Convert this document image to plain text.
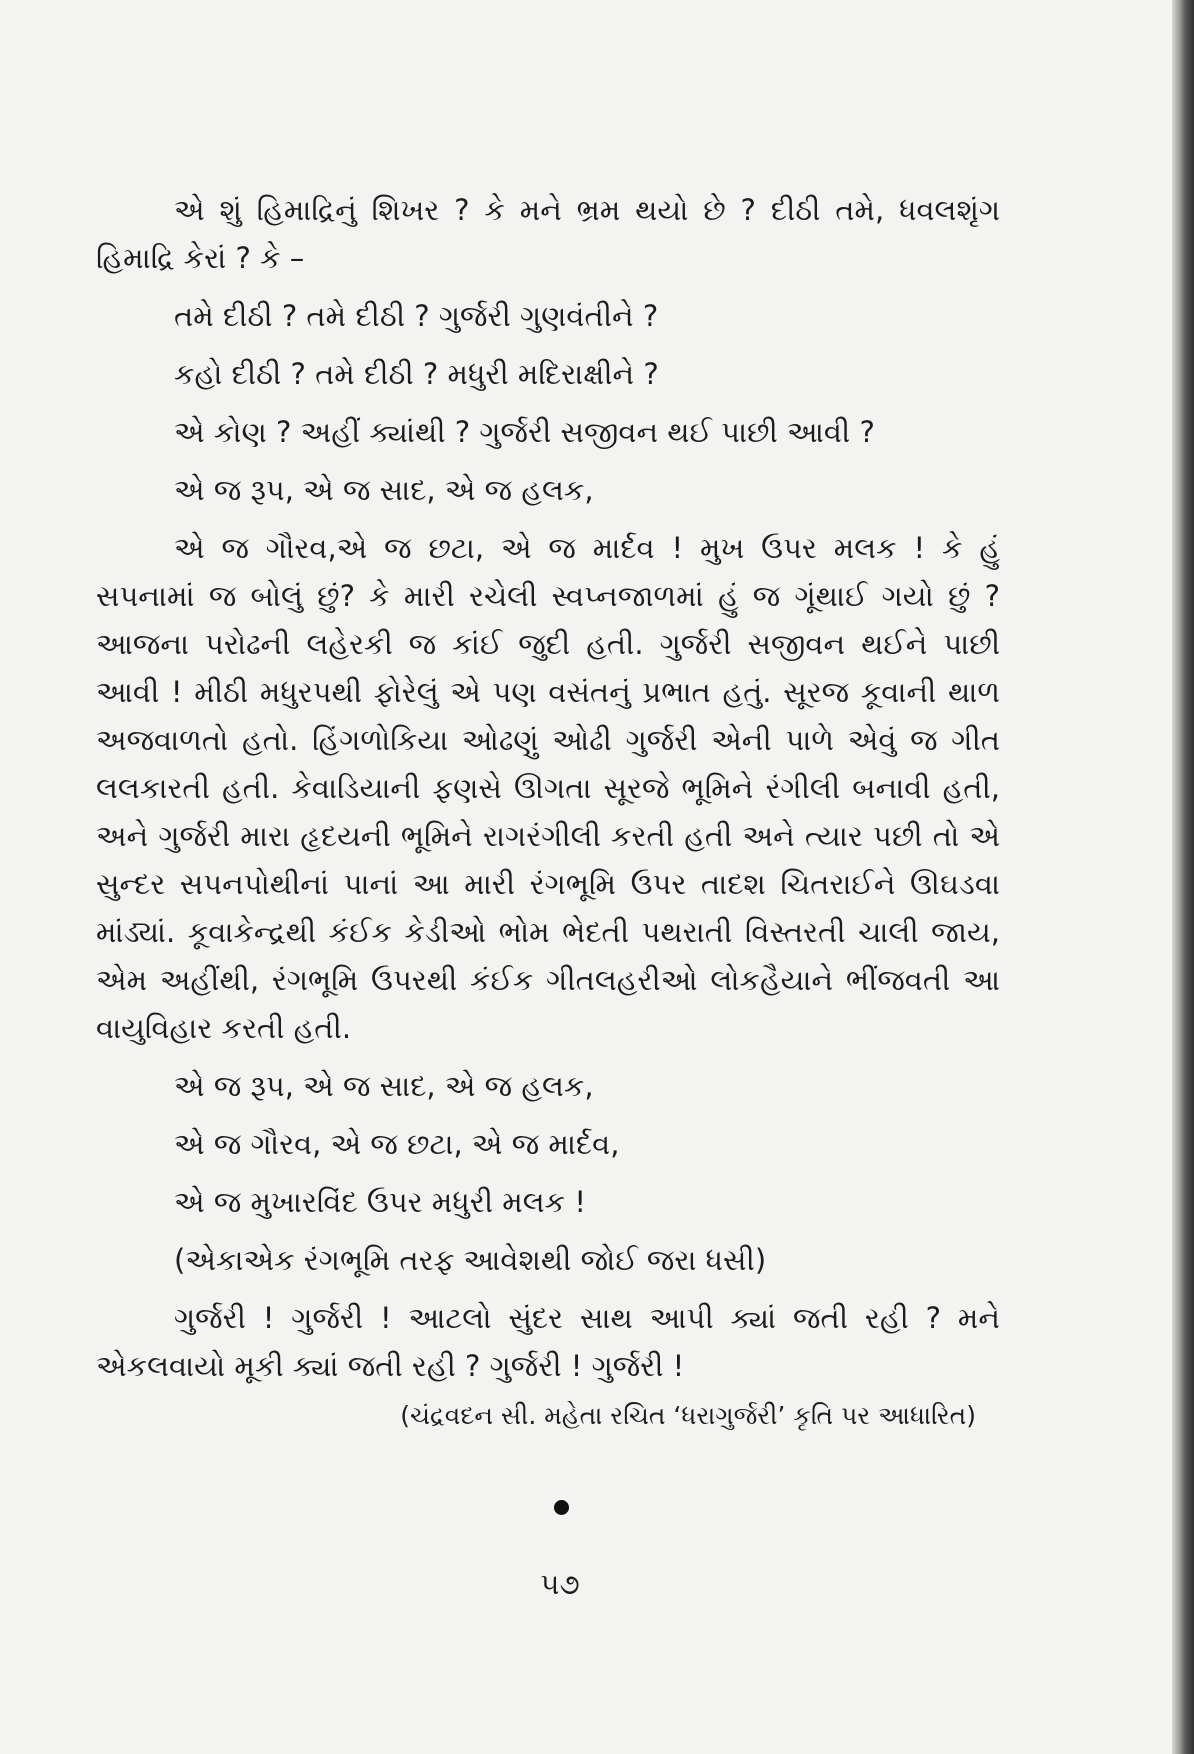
એ શું હિમાદ્રિનું શિખર ? કે મને ભ્રમ થયો છે ? દીઠી તમે, ધવલશૃંગ હિમાદ્રિ કેરાં ? કે –

તમે દીઠી ? તમે દીઠી ? ગુર્જરી ગુણવંતીને ?

કહો દીઠી ? તમે દીઠી ? મધુરી મદિરાક્ષીને ?

એ કોણ ? અહીં ક્યાંથી ? ગુર્જરી સજીવન થઈ પાછી આવી ?

એ જ રૂપ, એ જ સાદ, એ જ હલક,

એ જ ગૌરવ,એ જ છટા, એ જ માર્દવ ! મુખ ઉપર મલક ! કે હું સપનામાં જ બોલું છું? કે મારી રચેલી સ્વપ્નજાળમાં હું જ ગૂંથાઈ ગયો છું ? આજના પરોઢની લહેરકી જ કાંઈ જુદી હતી. ગુર્જરી સજીવન થઈને પાછી આવી ! મીઠી મધુરપથી ફોરેલું એ પણ વસંતનું પ્રભાત હતું. સૂરજ કૂવાની થાળ અજવાળતો હતો. હિંગળોકિયા ઓઢણું ઓઢી ગુર્જરી એની પાળે એવું જ ગીત લલકારતી હતી. કેવાડિયાની ફણસે ઊગતા સૂરજે ભૂમિને રંગીલી બનાવી હતી, અને ગુર્જરી મારા હૃદયની ભૂમિને રાગરંગીલી કરતી હતી અને ત્યાર પછી તો એ સુન્દર સપનપોથીનાં પાનાં આ મારી રંગભૂમિ ઉપર તાદશ ચિતરાઈને ઊઘડવા માંડ્યાં. કૂવાકેન્દ્રથી કંઈક કેડીઓ ભોમ ભેદતી પથરાતી વિસ્તરતી ચાલી જાય, એમ અહીંથી, રંગભૂમિ ઉપરથી કંઈક ગીતલહરીઓ લોકહૈયાને ભીંજવતી આ વાયુવિહાર કરતી હતી.

એ જ રૂપ, એ જ સાદ, એ જ હલક,

એ જ ગૌરવ, એ જ છટા, એ જ માર્દવ,

એ જ મુખારવિંદ ઉપર મધુરી મલક !

(એકાએક રંગભૂમિ તરફ આવેશથી જોઈ જરા ધસી)

ગુર્જરી ! ગુર્જરી ! આટલો સુંદર સાથ આપી ક્યાં જતી રહી ? મને એકલવાયો મૂકી ક્યાં જતી રહી ? ગુર્જરી ! ગુર્જરી !

(ચંદ્રવદન સી. મહેતા રચિત ‘ધરાગુર્જરી’ કૃતિ પર આધારિત)
૫૭
